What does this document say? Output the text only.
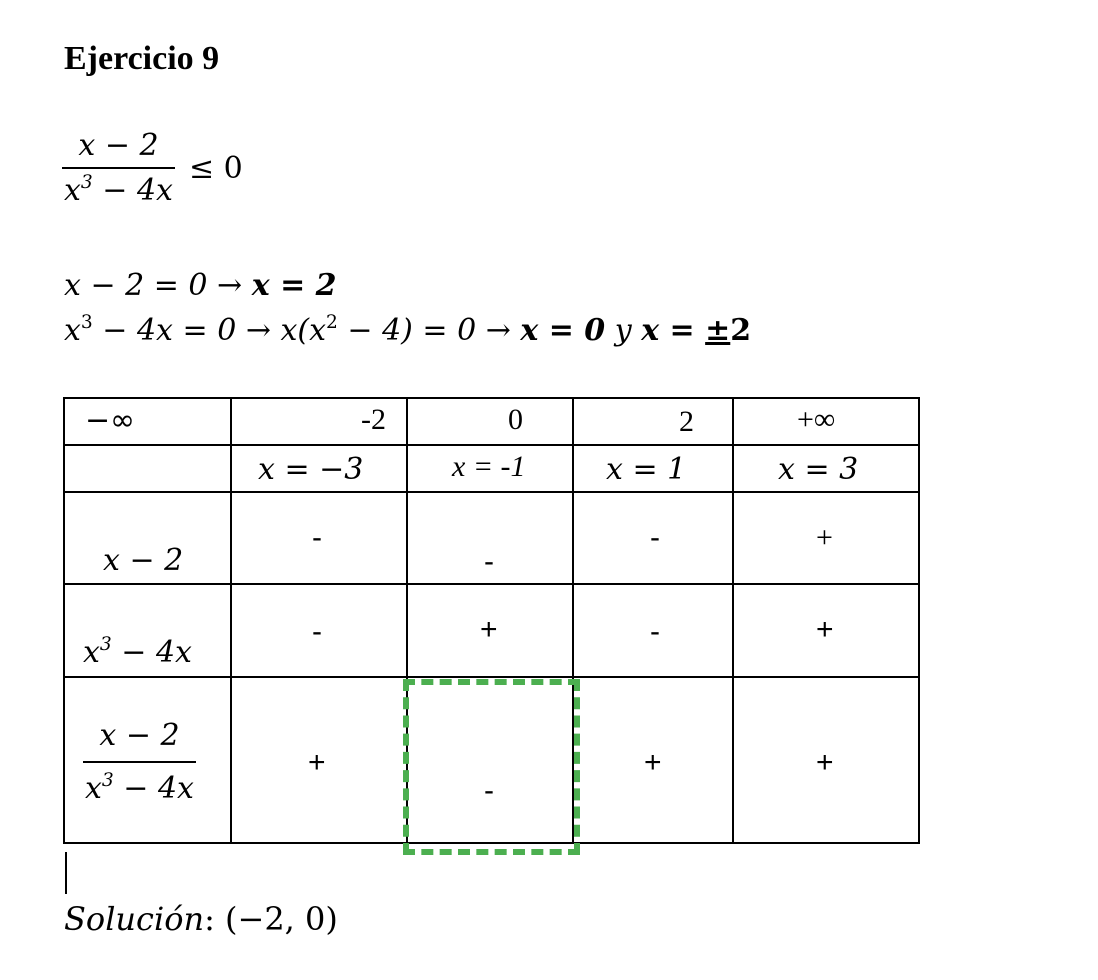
Ejercicio 9
$\frac{x - 2}{x^3 - 4x} \le 0$
x − 2 = 0 → x = 2
$x^3 - 4x = 0 \to x(x^2 - 4) = 0 \to x = 0$ y x = ±2
−∞	-2	0	2	+∞

	x = −3	x = -1	x = 1	x = 3

x − 2	-	-	-	+

$x^3 - 4x$	-	+	-	+

$\frac{x - 2}{x^3 - 4x}$	+	-	+	+
Solución: (−2, 0)
